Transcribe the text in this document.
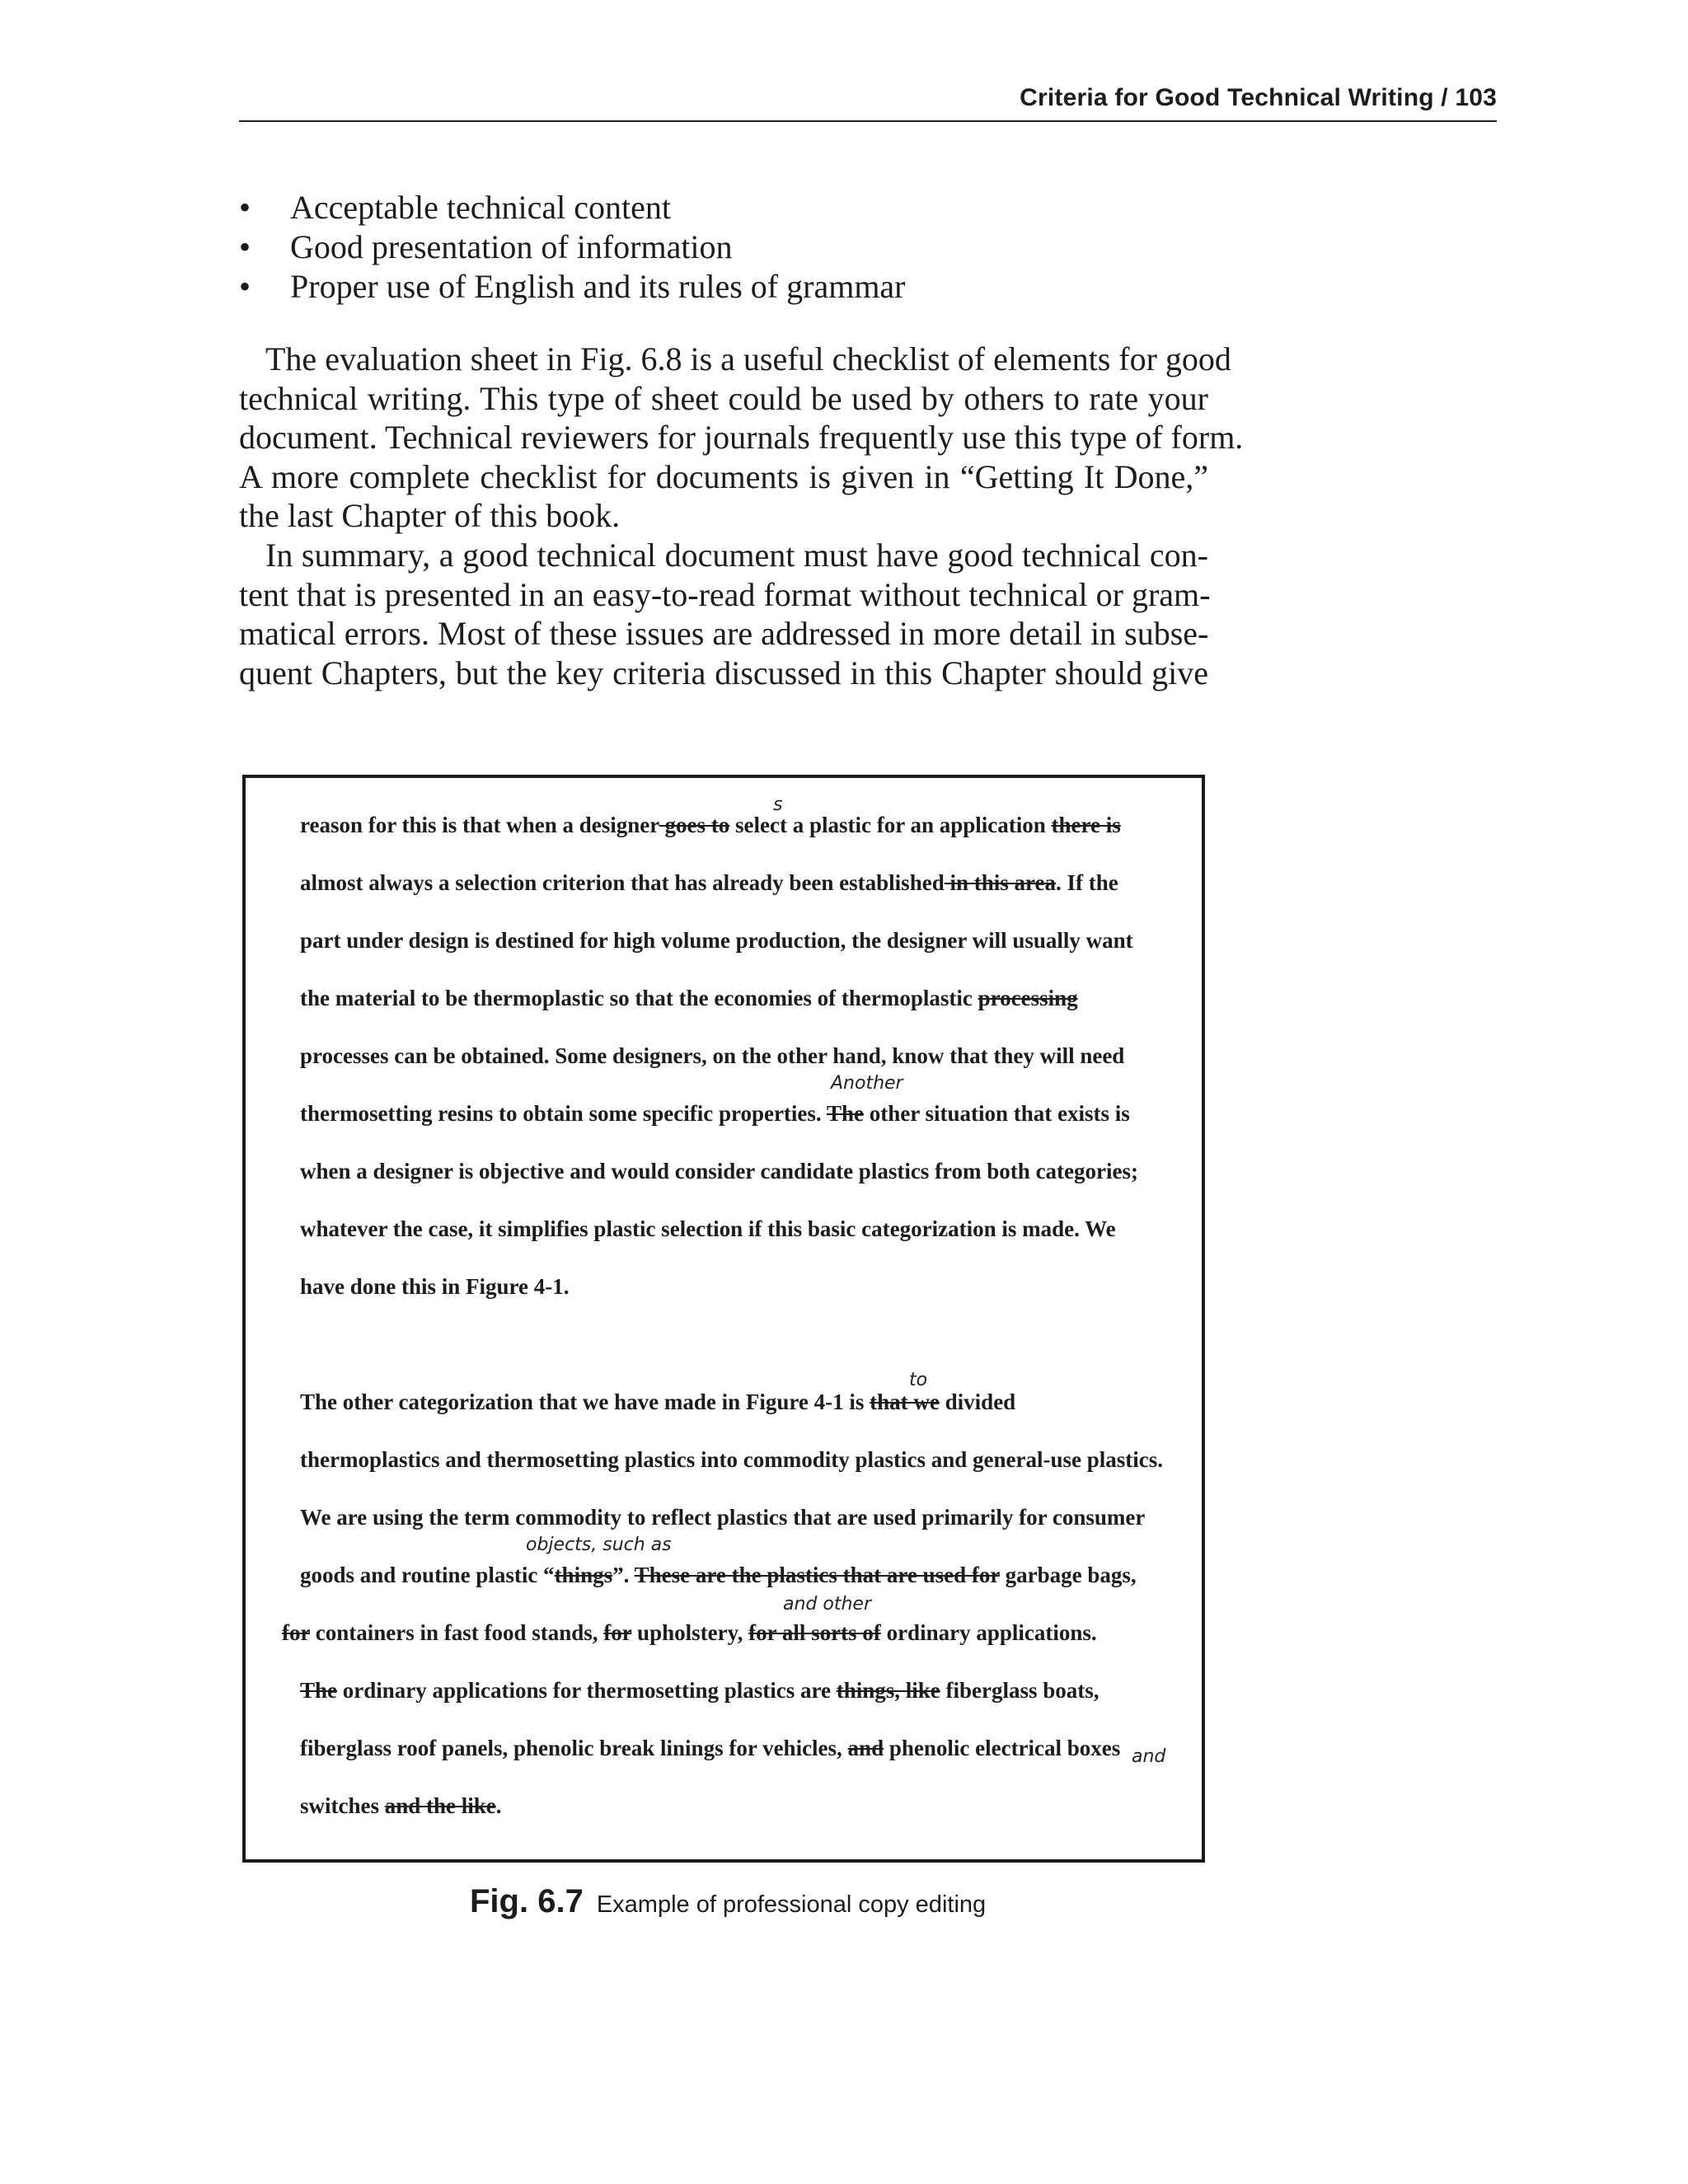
Criteria for Good Technical Writing / 103
• Acceptable technical content
• Good presentation of information
• Proper use of English and its rules of grammar
The evaluation sheet in Fig. 6.8 is a useful checklist of elements for good
technical writing. This type of sheet could be used by others to rate your
document. Technical reviewers for journals frequently use this type of form.
A more complete checklist for documents is given in “Getting It Done,”
the last Chapter of this book.
In summary, a good technical document must have good technical con-
tent that is presented in an easy-to-read format without technical or gram-
matical errors. Most of these issues are addressed in more detail in subse-
quent Chapters, but the key criteria discussed in this Chapter should give
s
Another
to
objects, such as
and other
and
reason for this is that when a designer goes to select a plastic for an application there is
almost always a selection criterion that has already been established in this area. If the
part under design is destined for high volume production, the designer will usually want
the material to be thermoplastic so that the economies of thermoplastic processing
processes can be obtained. Some designers, on the other hand, know that they will need
thermosetting resins to obtain some specific properties. The other situation that exists is
when a designer is objective and would consider candidate plastics from both categories;
whatever the case, it simplifies plastic selection if this basic categorization is made. We
have done this in Figure 4-1.
The other categorization that we have made in Figure 4-1 is that we divided
thermoplastics and thermosetting plastics into commodity plastics and general-use plastics.
We are using the term commodity to reflect plastics that are used primarily for consumer
goods and routine plastic “things”. These are the plastics that are used for garbage bags,
for containers in fast food stands, for upholstery, for all sorts of ordinary applications.
The ordinary applications for thermosetting plastics are things, like fiberglass boats,
fiberglass roof panels, phenolic break linings for vehicles, and phenolic electrical boxes
switches and the like.
Fig. 6.7 Example of professional copy editing
